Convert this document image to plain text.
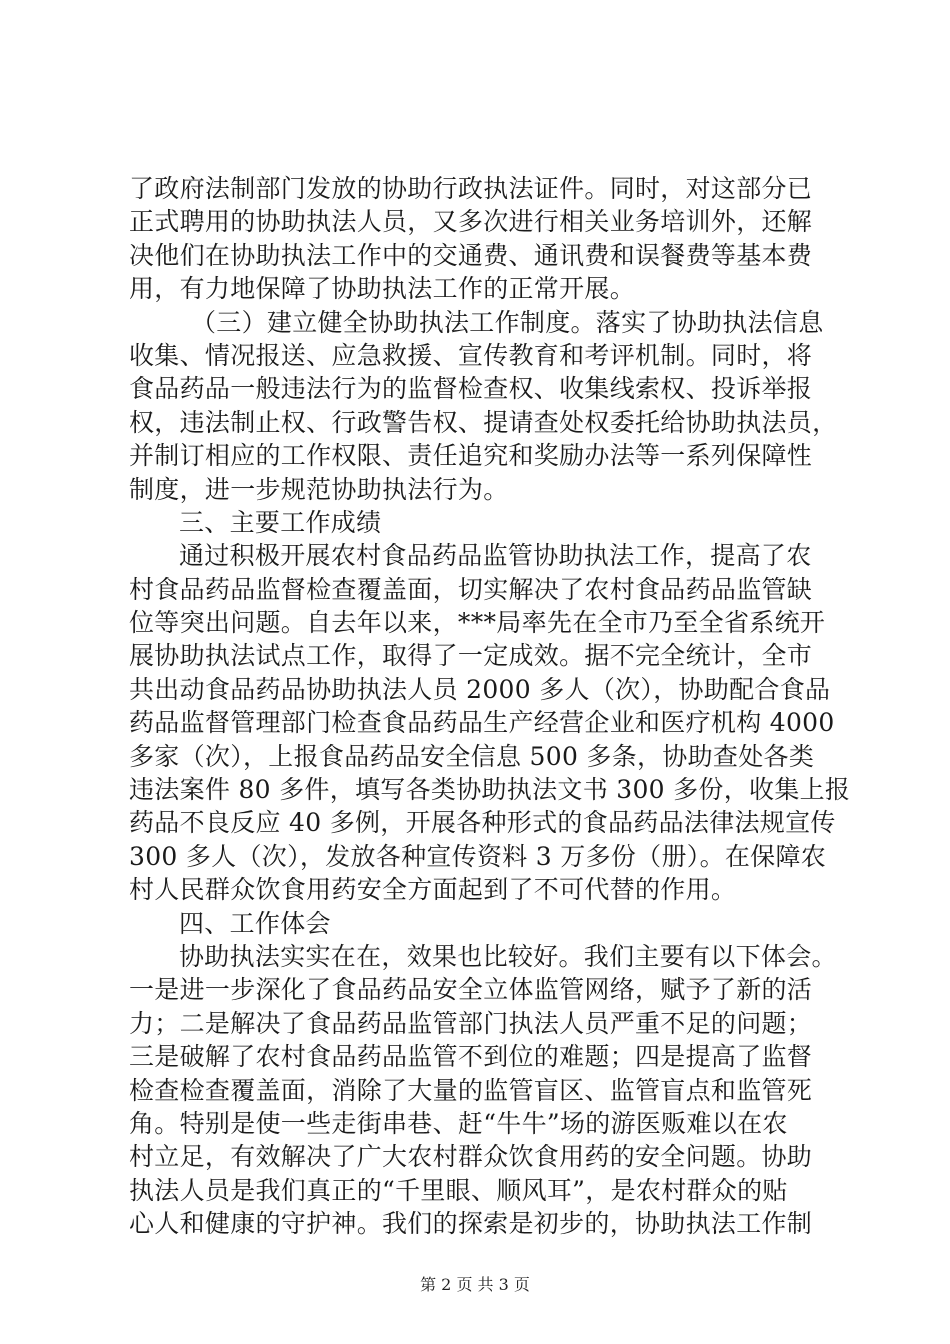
了政府法制部门发放的协助行政执法证件。同时，对这部分已
正式聘用的协助执法人员，又多次进行相关业务培训外，还解
决他们在协助执法工作中的交通费、通讯费和误餐费等基本费
用，有力地保障了协助执法工作的正常开展。
（三）建立健全协助执法工作制度。落实了协助执法信息
收集、情况报送、应急救援、宣传教育和考评机制。同时，将
食品药品一般违法行为的监督检查权、收集线索权、投诉举报
权，违法制止权、行政警告权、提请查处权委托给协助执法员，
并制订相应的工作权限、责任追究和奖励办法等一系列保障性
制度，进一步规范协助执法行为。
三、主要工作成绩
通过积极开展农村食品药品监管协助执法工作，提高了农
村食品药品监督检查覆盖面，切实解决了农村食品药品监管缺
位等突出问题。自去年以来，***局率先在全市乃至全省系统开
展协助执法试点工作，取得了一定成效。据不完全统计，全市
共出动食品药品协助执法人员 2000 多人（次），协助配合食品
药品监督管理部门检查食品药品生产经营企业和医疗机构 4000
多家（次），上报食品药品安全信息 500 多条，协助查处各类
违法案件 80 多件，填写各类协助执法文书 300 多份，收集上报
药品不良反应 40 多例，开展各种形式的食品药品法律法规宣传
300 多人（次），发放各种宣传资料 3 万多份（册）。在保障农
村人民群众饮食用药安全方面起到了不可代替的作用。
四、工作体会
协助执法实实在在，效果也比较好。我们主要有以下体会。
一是进一步深化了食品药品安全立体监管网络，赋予了新的活
力；二是解决了食品药品监管部门执法人员严重不足的问题；
三是破解了农村食品药品监管不到位的难题；四是提高了监督
检查检查覆盖面，消除了大量的监管盲区、监管盲点和监管死
角。特别是使一些走街串巷、赶“牛牛”场的游医贩难以在农
村立足，有效解决了广大农村群众饮食用药的安全问题。协助
执法人员是我们真正的“千里眼、顺风耳”，是农村群众的贴
心人和健康的守护神。我们的探索是初步的，协助执法工作制
第 2 页 共 3 页
